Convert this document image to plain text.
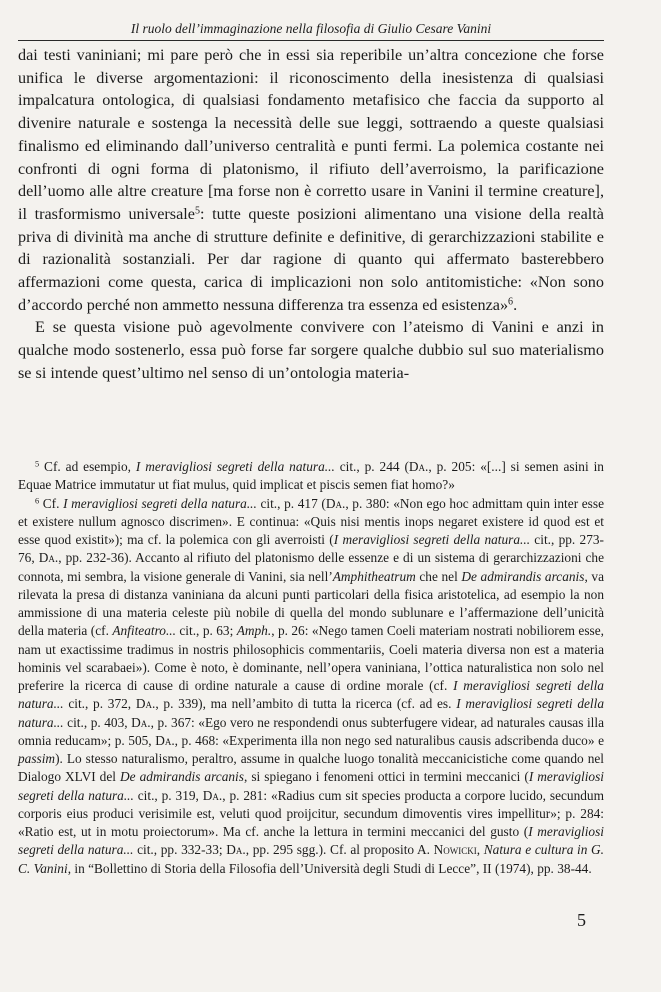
Il ruolo dell’immaginazione nella filosofia di Giulio Cesare Vanini

dai testi vaniniani; mi pare però che in essi sia reperibile un’altra concezione che forse unifica le diverse argomentazioni: il riconoscimento della inesistenza di qualsiasi impalcatura ontologica, di qualsiasi fondamento metafisico che faccia da supporto al divenire naturale e sostenga la necessità delle sue leggi, sottraendo a queste qualsiasi finalismo ed eliminando dall’universo centralità e punti fermi. La polemica costante nei confronti di ogni forma di platonismo, il rifiuto dell’averroismo, la parificazione dell’uomo alle altre creature [ma forse non è corretto usare in Vanini il termine creature], il trasformismo universale$^5$: tutte queste posizioni alimentano una visione della realtà priva di divinità ma anche di strutture definite e definitive, di gerarchizzazioni stabilite e di razionalità sostanziali. Per dar ragione di quanto qui affermato basterebbero affermazioni come questa, carica di implicazioni non solo antitomistiche: «Non sono d’accordo perché non ammetto nessuna differenza tra essenza ed esistenza»$^6$.

E se questa visione può agevolmente convivere con l’ateismo di Vanini e anzi in qualche modo sostenerlo, essa può forse far sorgere qualche dubbio sul suo materialismo se si intende quest’ultimo nel senso di un’ontologia materia-

$^5$ Cf. ad esempio, I meravigliosi segreti della natura... cit., p. 244 (Da., p. 205: «[...] si semen asini in Equae Matrice immutatur ut fiat mulus, quid implicat et piscis semen fiat homo?»

$^6$ Cf. I meravigliosi segreti della natura... cit., p. 417 (Da., p. 380: «Non ego hoc admittam quin inter esse et existere nullum agnosco discrimen». E continua: «Quis nisi mentis inops negaret existere id quod est et esse quod existit»); ma cf. la polemica con gli averroisti (I meravigliosi segreti della natura... cit., pp. 273-76, Da., pp. 232-36). Accanto al rifiuto del platonismo delle essenze e di un sistema di gerarchizzazioni che connota, mi sembra, la visione generale di Vanini, sia nell’Amphitheatrum che nel De admirandis arcanis, va rilevata la presa di distanza vaniniana da alcuni punti particolari della fisica aristotelica, ad esempio la non ammissione di una materia celeste più nobile di quella del mondo sublunare e l’affermazione dell’unicità della materia (cf. Anfiteatro... cit., p. 63; Amph., p. 26: «Nego tamen Coeli materiam nostrati nobiliorem esse, nam ut exactissime tradimus in nostris philosophicis commentariis, Coeli materia diversa non est a materia hominis vel scarabaei»). Come è noto, è dominante, nell’opera vaniniana, l’ottica naturalistica non solo nel preferire la ricerca di cause di ordine naturale a cause di ordine morale (cf. I meravigliosi segreti della natura... cit., p. 372, Da., p. 339), ma nell’ambito di tutta la ricerca (cf. ad es. I meravigliosi segreti della natura... cit., p. 403, Da., p. 367: «Ego vero ne respondendi onus subterfugere videar, ad naturales causas illa omnia reducam»; p. 505, Da., p. 468: «Experimenta illa non nego sed naturalibus causis adscribenda duco» e passim). Lo stesso naturalismo, peraltro, assume in qualche luogo tonalità meccanicistiche come quando nel Dialogo XLVI del De admirandis arcanis, si spiegano i fenomeni ottici in termini meccanici (I meravigliosi segreti della natura... cit., p. 319, Da., p. 281: «Radius cum sit species producta a corpore lucido, secundum corporis eius produci verisimile est, veluti quod proijcitur, secundum dimoventis vires impellitur»; p. 284: «Ratio est, ut in motu proiectorum». Ma cf. anche la lettura in termini meccanici del gusto (I meravigliosi segreti della natura... cit., pp. 332-33; Da., pp. 295 sgg.). Cf. al proposito A. Nowicki, Natura e cultura in G. C. Vanini, in “Bollettino di Storia della Filosofia dell’Università degli Studi di Lecce”, II (1974), pp. 38-44.

5
